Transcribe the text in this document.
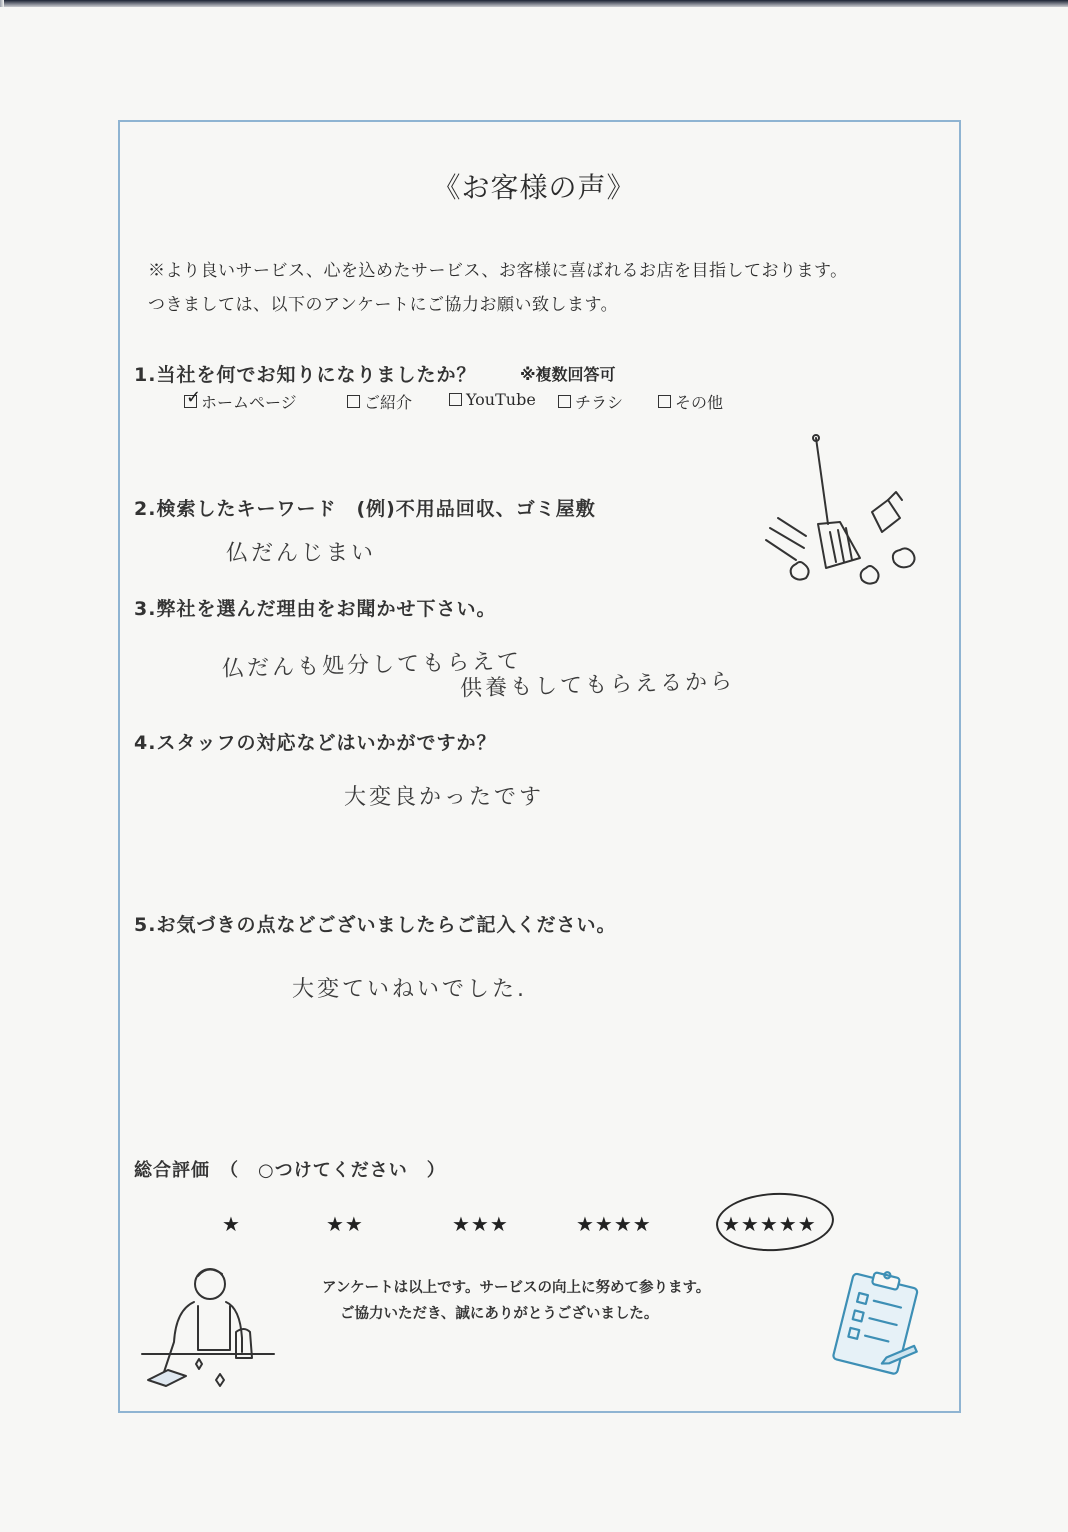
《お客様の声》
※より良いサービス、心を込めたサービス、お客様に喜ばれるお店を目指しております。
つきましては、以下のアンケートにご協力お願い致します。
1.当社を何でお知りになりましたか？	※複数回答可
✓ ホームページ	ご紹介	YouTube チラシ	その他
2.検索したキーワード　(例)不用品回収、ゴミ屋敷
仏だんじまい
3.弊社を選んだ理由をお聞かせ下さい。
仏だんも処分してもらえて
供養もしてもらえるから
4.スタッフの対応などはいかがですか？
大変良かったです
5.お気づきの点などございましたらご記入ください。
大変ていねいでした.
総合評価　（　○つけてください　）
★	★★	★★★	★★★★	★★★★★
アンケートは以上です。サービスの向上に努めて参ります。
ご協力いただき、誠にありがとうございました。
